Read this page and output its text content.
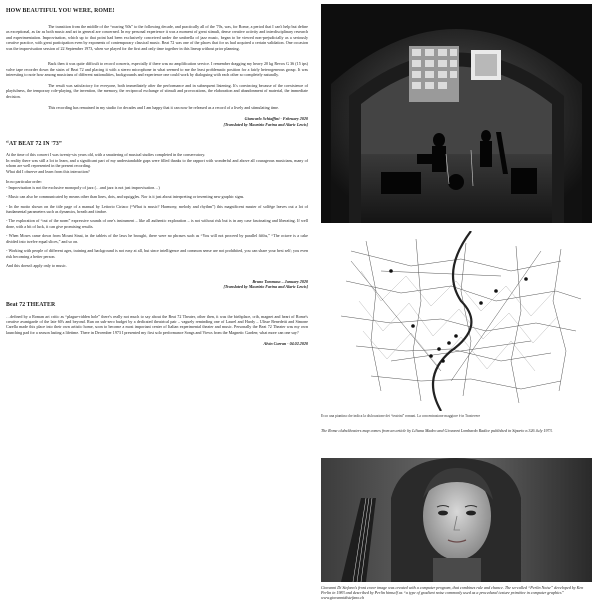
HOW BEAUTIFUL YOU WERE, ROME!

The transition from the middle of the “roaring '60s” to the following decade, and practically all of the '70s, was, for Rome, a period that I can't help but define as exceptional, as far as both music and art in general are concerned. In my personal experience it was a moment of great stimuli, dense creative activity and interdisciplinary research and experimentation. Improvisation, which up to that point had been exclusively conceived under the umbrella of jazz music, began to be viewed non-prejudicially as a seriously creative practice, with great participation even by exponents of contemporary classical music. Beat 72 was one of the places that for us had acquired a certain validation. One occasion was the improvisation session of 22 September 1973, when we played for the first and only time together in this lineup without prior planning.

Back then it was quite difficult to record concerts, especially if there was no amplification service. I remember dragging my heavy 20 kg Revox G 36 (15 ips) valve tape recorder down the stairs of Beat 72 and placing it with a stereo microphone in what seemed to me the least problematic position for a fairly heterogeneous group. It was interesting to note how among musicians of different nationalities, backgrounds and experience one could work by dialoguing with each other so completely naturally.

The result was satisfactory for everyone, both immediately after the performance and in subsequent listening. It's convincing because of the coexistence of playfulness, the temporary role-playing, the invention, the memory, the reciprocal exchange of stimuli and provocations, the elaboration and abandonment of material, the immediate decision.

This recording has remained in my studio for decades and I am happy that it can now be released as a record of a lively and stimulating time.

Giancarlo Schiaffini - February 2020

[Translated by Maurizio Farina and Alaric Lewis]

“AT BEAT 72 IN '73”

At the time of this concert I was twenty-six years old, with a smattering of musical studies completed in the conservatory.

In reality there was still a lot to learn, and a significant part of my understandable gaps were filled thanks to the rapport with wonderful and above all courageous musicians, many of whom are well represented in the present recording.

What did I observe and learn from this interaction?

In no particular order:

- Improvisation is not the exclusive monopoly of jazz (…and jazz is not just improvisation…)

- Music can also be communicated by means other than lines, dots, and squiggles. Nor is it just about interpreting or inventing new graphic signs.

- In the motto shown on the title page of a manual by Lettorio Ciriaco (“What is music? Harmony, melody and rhythm”) this magnificent master of solfège leaves out a lot of fundamental parameters such as dynamics, breath and timbre.

- The exploration of “out of the norm” expressive sounds of one's instrument – like all authentic exploration – is not without risk but is in any case fascinating and liberating. If well done, with a bit of luck, it can give promising results.

- When Moses came down from Mount Sinai, in the tablets of the laws he brought, there were no phrases such as “You will not proceed by parallel fifths,” “The octave is a cake divided into twelve equal slices,” and so on.

- Working with people of different ages, training and background is not easy at all, but since intelligence and common sense are not prohibited, you can share your best self; you even risk becoming a better person.

And this doesn't apply only to music.

Bruno Tommaso – January 2020

[Translated by Maurizio Farina and Alaric Lewis]

Beat 72 THEATER

…defined by a Roman art critic as “plague-ridden hole” there's really not much to say about the Beat 72 Theater, other then, it was the birthplace, crib, magnet and heart of Rome's creative avantgarde of the late 60's and beyond. Run on sub-zero budget by a dedicated theatrical pair – vaguely reminding one of Laurel and Hardy – Ulisse Benedetti and Simone Carella made this place into their own artistic home, soon to become a most important center of Italian experimental theater and music. Personally the Beat 72 Theater was my own launching pad for a season lasting a lifetime. There in December 1973 I presented my first solo performance Songs and Views from the Magnetic Garden; what more can one say?

Alvin Curran - 04.02.2020

Ecco una piantina che indica la dislocazione dei “teatrini” romani. La concentrazione maggiore è in Trastevere

The Rome clubs/theaters map comes from an article by Liliana Madeo and Giovanni Lombardo Radice published in Sipario n.326 July 1973.

Giovanni Di Stefano's front cover image was created with a computer program, that combines rule and chance. The so-called “Perlin Noise” developed by Ken Perlin in 1983 and described by Perlin himself as “a type of gradient noise commonly used as a procedural texture primitive in computer graphics” www.giovannidistefano.ch
